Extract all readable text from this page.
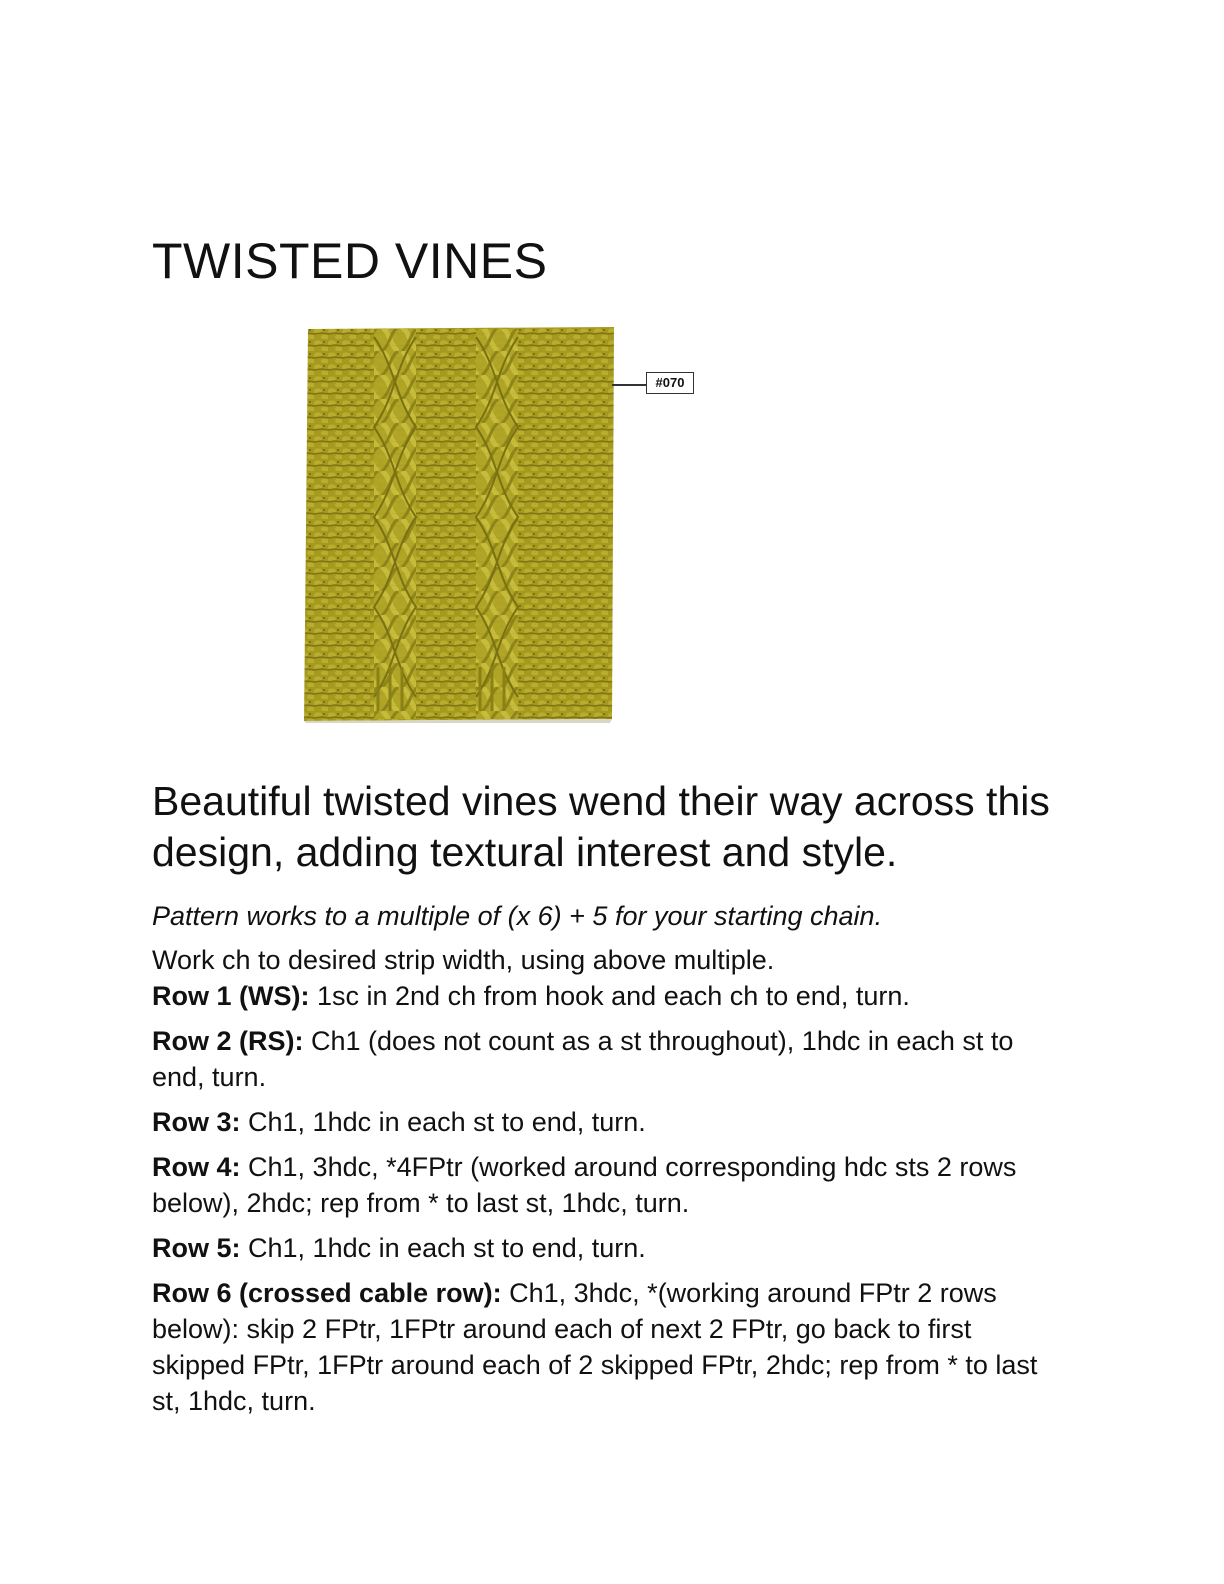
TWISTED VINES
#070

Beautiful twisted vines wend their way across this design, adding textural interest and style.

Pattern works to a multiple of (x 6) + 5 for your starting chain.

Work ch to desired strip width, using above multiple.

Row 1 (WS): 1sc in 2nd ch from hook and each ch to end, turn.

Row 2 (RS): Ch1 (does not count as a st throughout), 1hdc in each st to end, turn.

Row 3: Ch1, 1hdc in each st to end, turn.

Row 4: Ch1, 3hdc, *4FPtr (worked around corresponding hdc sts 2 rows below), 2hdc; rep from * to last st, 1hdc, turn.

Row 5: Ch1, 1hdc in each st to end, turn.

Row 6 (crossed cable row): Ch1, 3hdc, *(working around FPtr 2 rows below): skip 2 FPtr, 1FPtr around each of next 2 FPtr, go back to first skipped FPtr, 1FPtr around each of 2 skipped FPtr, 2hdc; rep from * to last st, 1hdc, turn.
